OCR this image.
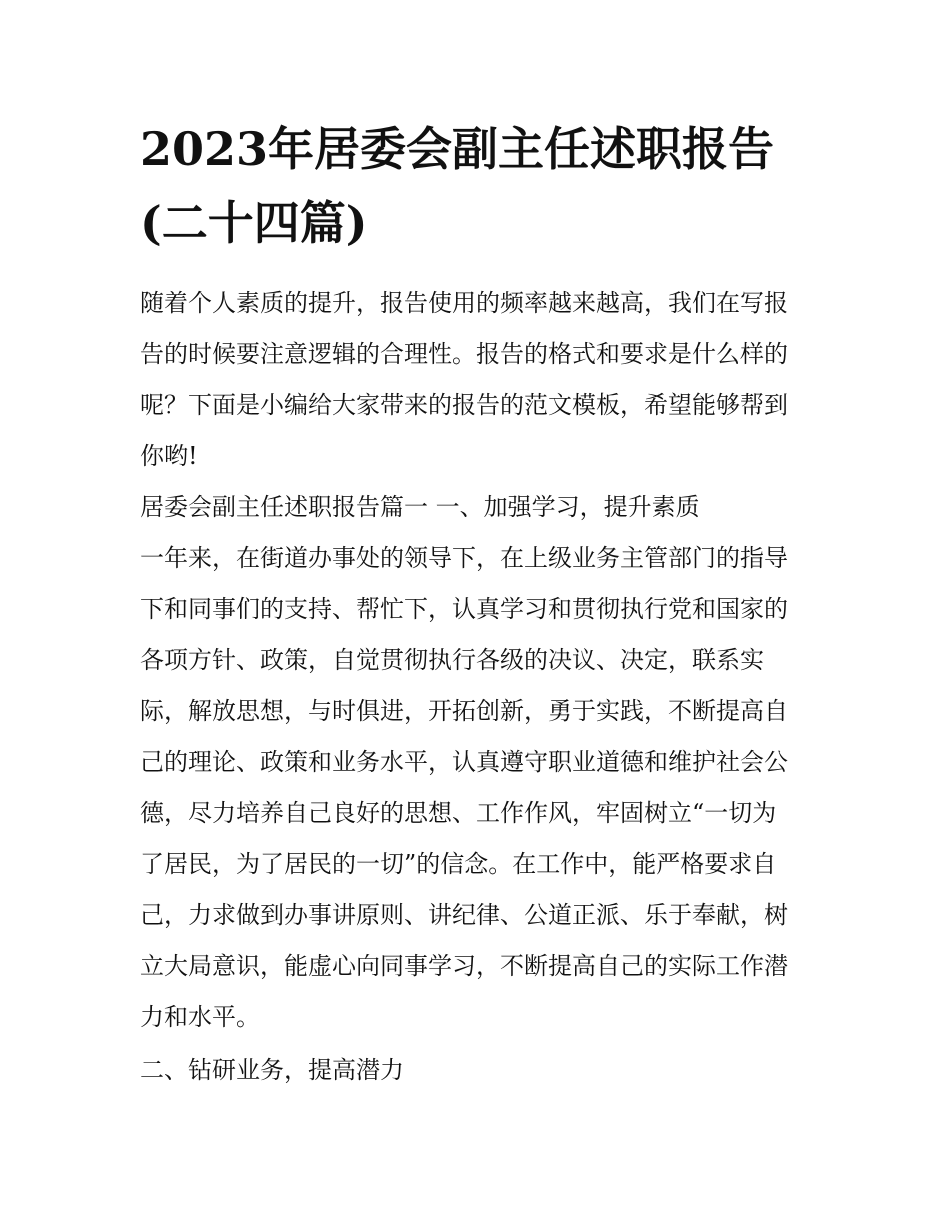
2023年居委会副主任述职报告
(二十四篇)

随着个人素质的提升，报告使用的频率越来越高，我们在写报
告的时候要注意逻辑的合理性。报告的格式和要求是什么样的
呢？下面是小编给大家带来的报告的范文模板，希望能够帮到
你哟!

居委会副主任述职报告篇一 一、加强学习，提升素质

一年来，在街道办事处的领导下，在上级业务主管部门的指导
下和同事们的支持、帮忙下，认真学习和贯彻执行党和国家的
各项方针、政策，自觉贯彻执行各级的决议、决定，联系实
际，解放思想，与时俱进，开拓创新，勇于实践，不断提高自
己的理论、政策和业务水平，认真遵守职业道德和维护社会公
德，尽力培养自己良好的思想、工作作风，牢固树立“一切为
了居民，为了居民的一切”的信念。在工作中，能严格要求自
己，力求做到办事讲原则、讲纪律、公道正派、乐于奉献，树
立大局意识，能虚心向同事学习，不断提高自己的实际工作潜
力和水平。

二、钻研业务，提高潜力
